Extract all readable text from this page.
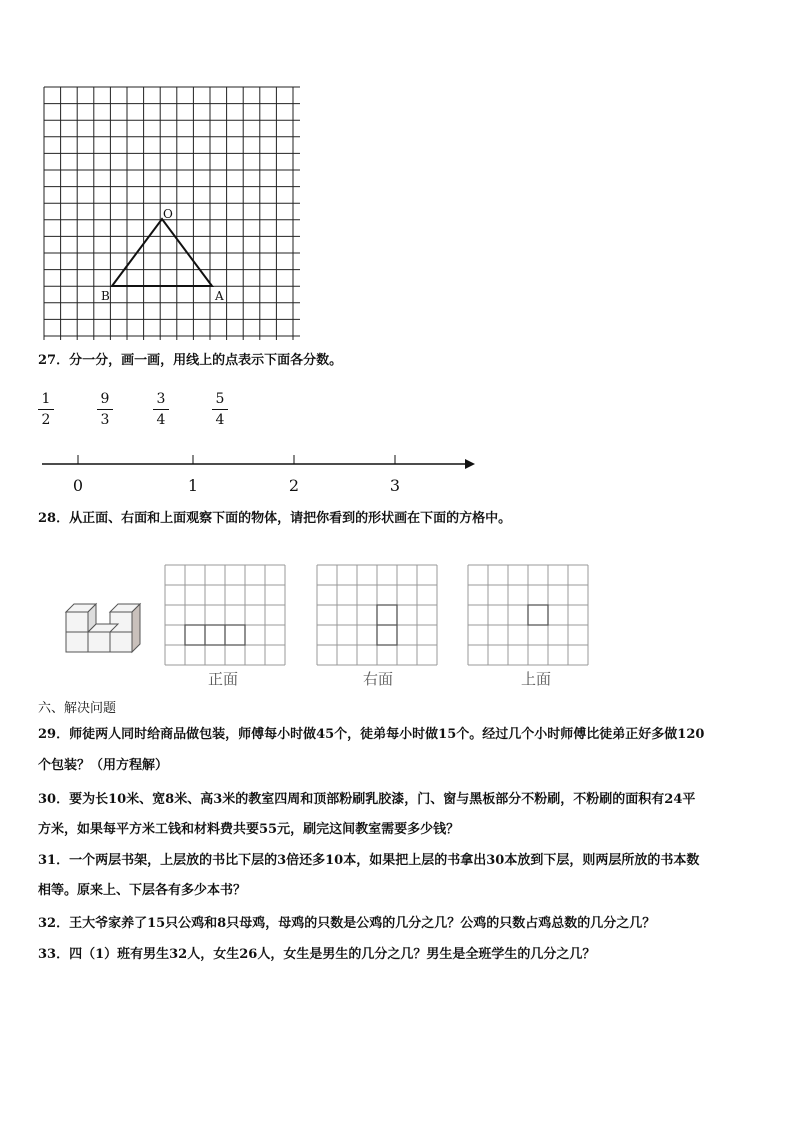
O
B	A
27．分一分，画一画，用线上的点表示下面各分数。
1
2
9
3
3
4
5
4
0	1	2	3
28．从正面、右面和上面观察下面的物体，请把你看到的形状画在下面的方格中。
正面	右面	上面
六、解决问题
29．师徒两人同时给商品做包装，师傅每小时做45个，徒弟每小时做15个。经过几个小时师傅比徒弟正好多做120
个包装？（用方程解）
30．要为长10米、宽8米、高3米的教室四周和顶部粉刷乳胶漆，门、窗与黑板部分不粉刷，不粉刷的面积有24平
方米，如果每平方米工钱和材料费共要55元，刷完这间教室需要多少钱？
31．一个两层书架，上层放的书比下层的3倍还多10本，如果把上层的书拿出30本放到下层，则两层所放的书本数
相等。原来上、下层各有多少本书？
32．王大爷家养了15只公鸡和8只母鸡，母鸡的只数是公鸡的几分之几？公鸡的只数占鸡总数的几分之几？
33．四（1）班有男生32人，女生26人，女生是男生的几分之几？男生是全班学生的几分之几？
